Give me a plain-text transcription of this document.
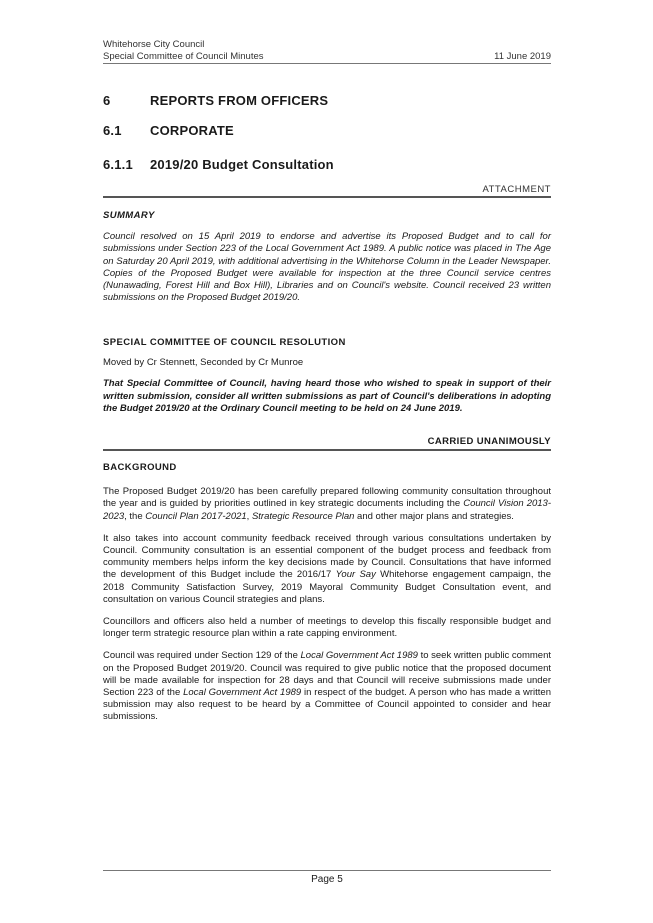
Whitehorse City Council
Special Committee of Council Minutes	11 June 2019
6	REPORTS FROM OFFICERS
6.1 CORPORATE
6.1.1 2019/20 Budget Consultation
ATTACHMENT
SUMMARY
Council resolved on 15 April 2019 to endorse and advertise its Proposed Budget and to call for submissions under Section 223 of the Local Government Act 1989. A public notice was placed in The Age on Saturday 20 April 2019, with additional advertising in the Whitehorse Column in the Leader Newspaper. Copies of the Proposed Budget were available for inspection at the three Council service centres (Nunawading, Forest Hill and Box Hill), Libraries and on Council's website. Council received 23 written submissions on the Proposed Budget 2019/20.
SPECIAL COMMITTEE OF COUNCIL RESOLUTION
Moved by Cr Stennett, Seconded by Cr Munroe
That Special Committee of Council, having heard those who wished to speak in support of their written submission, consider all written submissions as part of Council's deliberations in adopting the Budget 2019/20 at the Ordinary Council meeting to be held on 24 June 2019.
CARRIED UNANIMOUSLY
BACKGROUND

The Proposed Budget 2019/20 has been carefully prepared following community consultation throughout the year and is guided by priorities outlined in key strategic documents including the Council Vision 2013-2023, the Council Plan 2017-2021, Strategic Resource Plan and other major plans and strategies.

It also takes into account community feedback received through various consultations undertaken by Council. Community consultation is an essential component of the budget process and feedback from community members helps inform the key decisions made by Council. Consultations that have informed the development of this Budget include the 2016/17 Your Say Whitehorse engagement campaign, the 2018 Community Satisfaction Survey, 2019 Mayoral Community Budget Consultation event, and consultation on various Council strategies and plans.

Councillors and officers also held a number of meetings to develop this fiscally responsible budget and longer term strategic resource plan within a rate capping environment.

Council was required under Section 129 of the Local Government Act 1989 to seek written public comment on the Proposed Budget 2019/20. Council was required to give public notice that the proposed document will be made available for inspection for 28 days and that Council will receive submissions made under Section 223 of the Local Government Act 1989 in respect of the budget. A person who has made a written submission may also request to be heard by a Committee of Council appointed to consider and hear submissions.

Page 5
